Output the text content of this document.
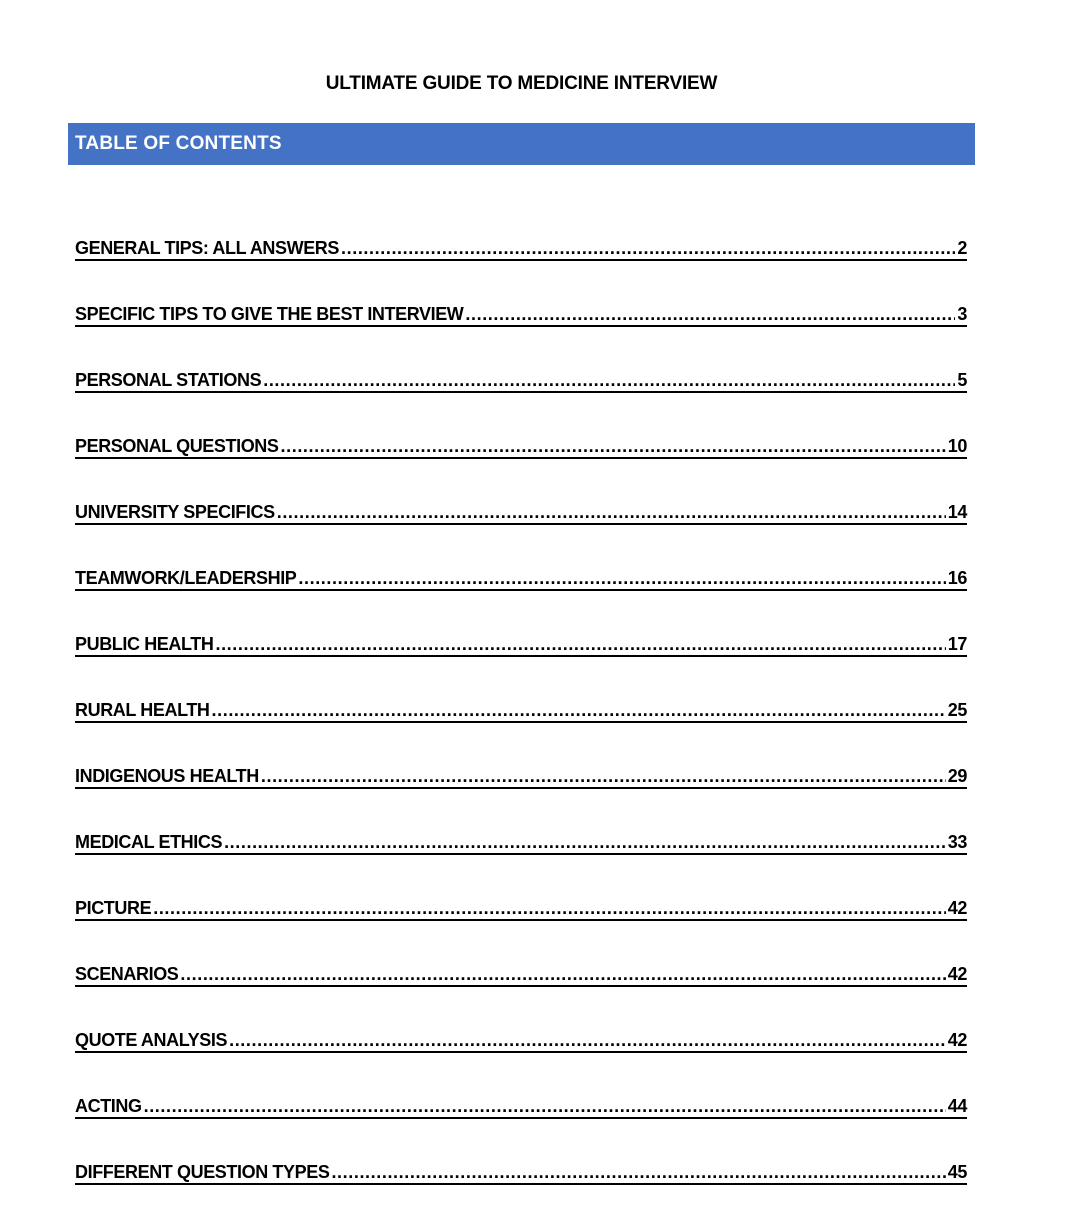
ULTIMATE GUIDE TO MEDICINE INTERVIEW
TABLE OF CONTENTS
GENERAL TIPS: ALL ANSWERS .....	2
SPECIFIC TIPS TO GIVE THE BEST INTERVIEW .....	3
PERSONAL STATIONS .....	5
PERSONAL QUESTIONS .....	10
UNIVERSITY SPECIFICS .....	14
TEAMWORK/LEADERSHIP .....	16
PUBLIC HEALTH .....	17
RURAL HEALTH .....	25
INDIGENOUS HEALTH .....	29
MEDICAL ETHICS .....	33
PICTURE .....	42
SCENARIOS .....	42
QUOTE ANALYSIS .....	42
ACTING .....	44
DIFFERENT QUESTION TYPES .....	45
